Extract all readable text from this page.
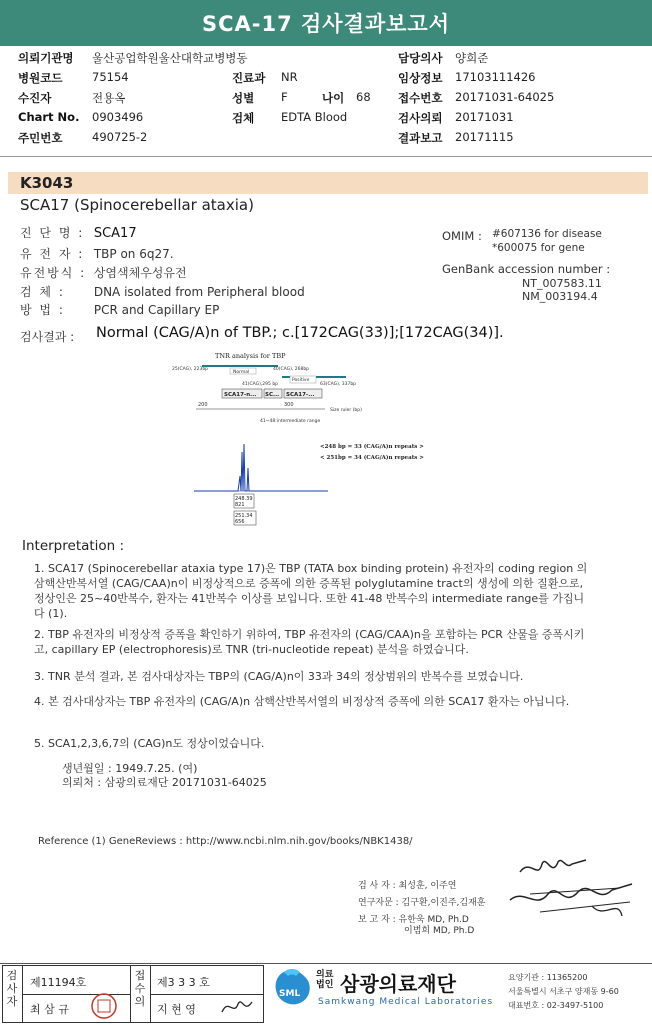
SCA-17 검사결과보고서
의뢰기관명 울산공업학원울산대학교병병동	담당의사 양희준
병원코드	75154	진료과 NR	임상정보 17103111426
수진자	전용옥	성별 F	나이 68 접수번호 20171031-64025
Chart No. 0903496	검체 EDTA Blood	검사의뢰 20171031
주민번호	490725-2	결과보고 20171115
K3043
SCA17 (Spinocerebellar ataxia)
진 단 명 : SCA17
유 전 자 : TBP on 6q27.
유전방식 : 상염색체우성유전
검 체 : DNA isolated from Peripheral blood
방 법 : PCR and Capillary EP
OMIM : #607136 for disease
*600075 for gene
GenBank accession number :
NT_007583.11
NM_003194.4
검사결과 : Normal (CAG/A)n of TBP.; c.[172CAG(33)];[172CAG(34)].
TNR analysis for TBP
25(CAG), 223bp
Normal
40(CAG), 268bp
Positive
41(CAG),295 bp	63(CAG), 337bp
SCA17-n... SC... SCA17-...
200	300
Size ruler (bp)
41~48:intermediate range
<248 bp = 33 (CAG/A)n repeats >
< 251bp = 34 (CAG/A)n repeats >
248.39
821
251.34
656
Interpretation :
1. SCA17 (Spinocerebellar ataxia type 17)은 TBP (TATA box binding protein) 유전자의 coding region 의 삼핵산반복서열 (CAG/CAA)n이 비정상적으로 증폭에 의한 증폭된 polyglutamine tract의 생성에 의한 질환으로, 정상인은 25~40반복수, 환자는 41반복수 이상를 보입니다. 또한 41-48 반복수의 intermediate range를 가집니다 (1).
2. TBP 유전자의 비정상적 증폭을 확인하기 위하여, TBP 유전자의 (CAG/CAA)n을 포함하는 PCR 산물을 증폭시키고, capillary EP (electrophoresis)로 TNR (tri-nucleotide repeat) 분석을 하였습니다.
3. TNR 분석 결과, 본 검사대상자는 TBP의 (CAG/A)n이 33과 34의 정상범위의 반복수를 보였습니다.
4. 본 검사대상자는 TBP 유전자의 (CAG/A)n 삼핵산반복서열의 비정상적 증폭에 의한 SCA17 환자는 아닙니다.
5. SCA1,2,3,6,7의 (CAG)n도 정상이었습니다.
생년월일 : 1949.7.25. (여)
의뢰처 : 삼광의료재단 20171031-64025
Reference (1) GeneReviews : http://www.ncbi.nlm.nih.gov/books/NBK1438/
검 사 자 : 최성훈, 이주연
연구자문 : 김구환,이진주,김재훈
보 고 자 : 유한욱 MD, Ph.D
이범희 MD, Ph.D
검사자
제11194호
최 삼 규
접수의
제3 3 3 호
지 현 영
SML
의료법인 삼광의료재단
Samkwang Medical Laboratories
요양기관 : 11365200
서울특별시 서초구 양재동 9-60
대표번호 : 02-3497-5100
